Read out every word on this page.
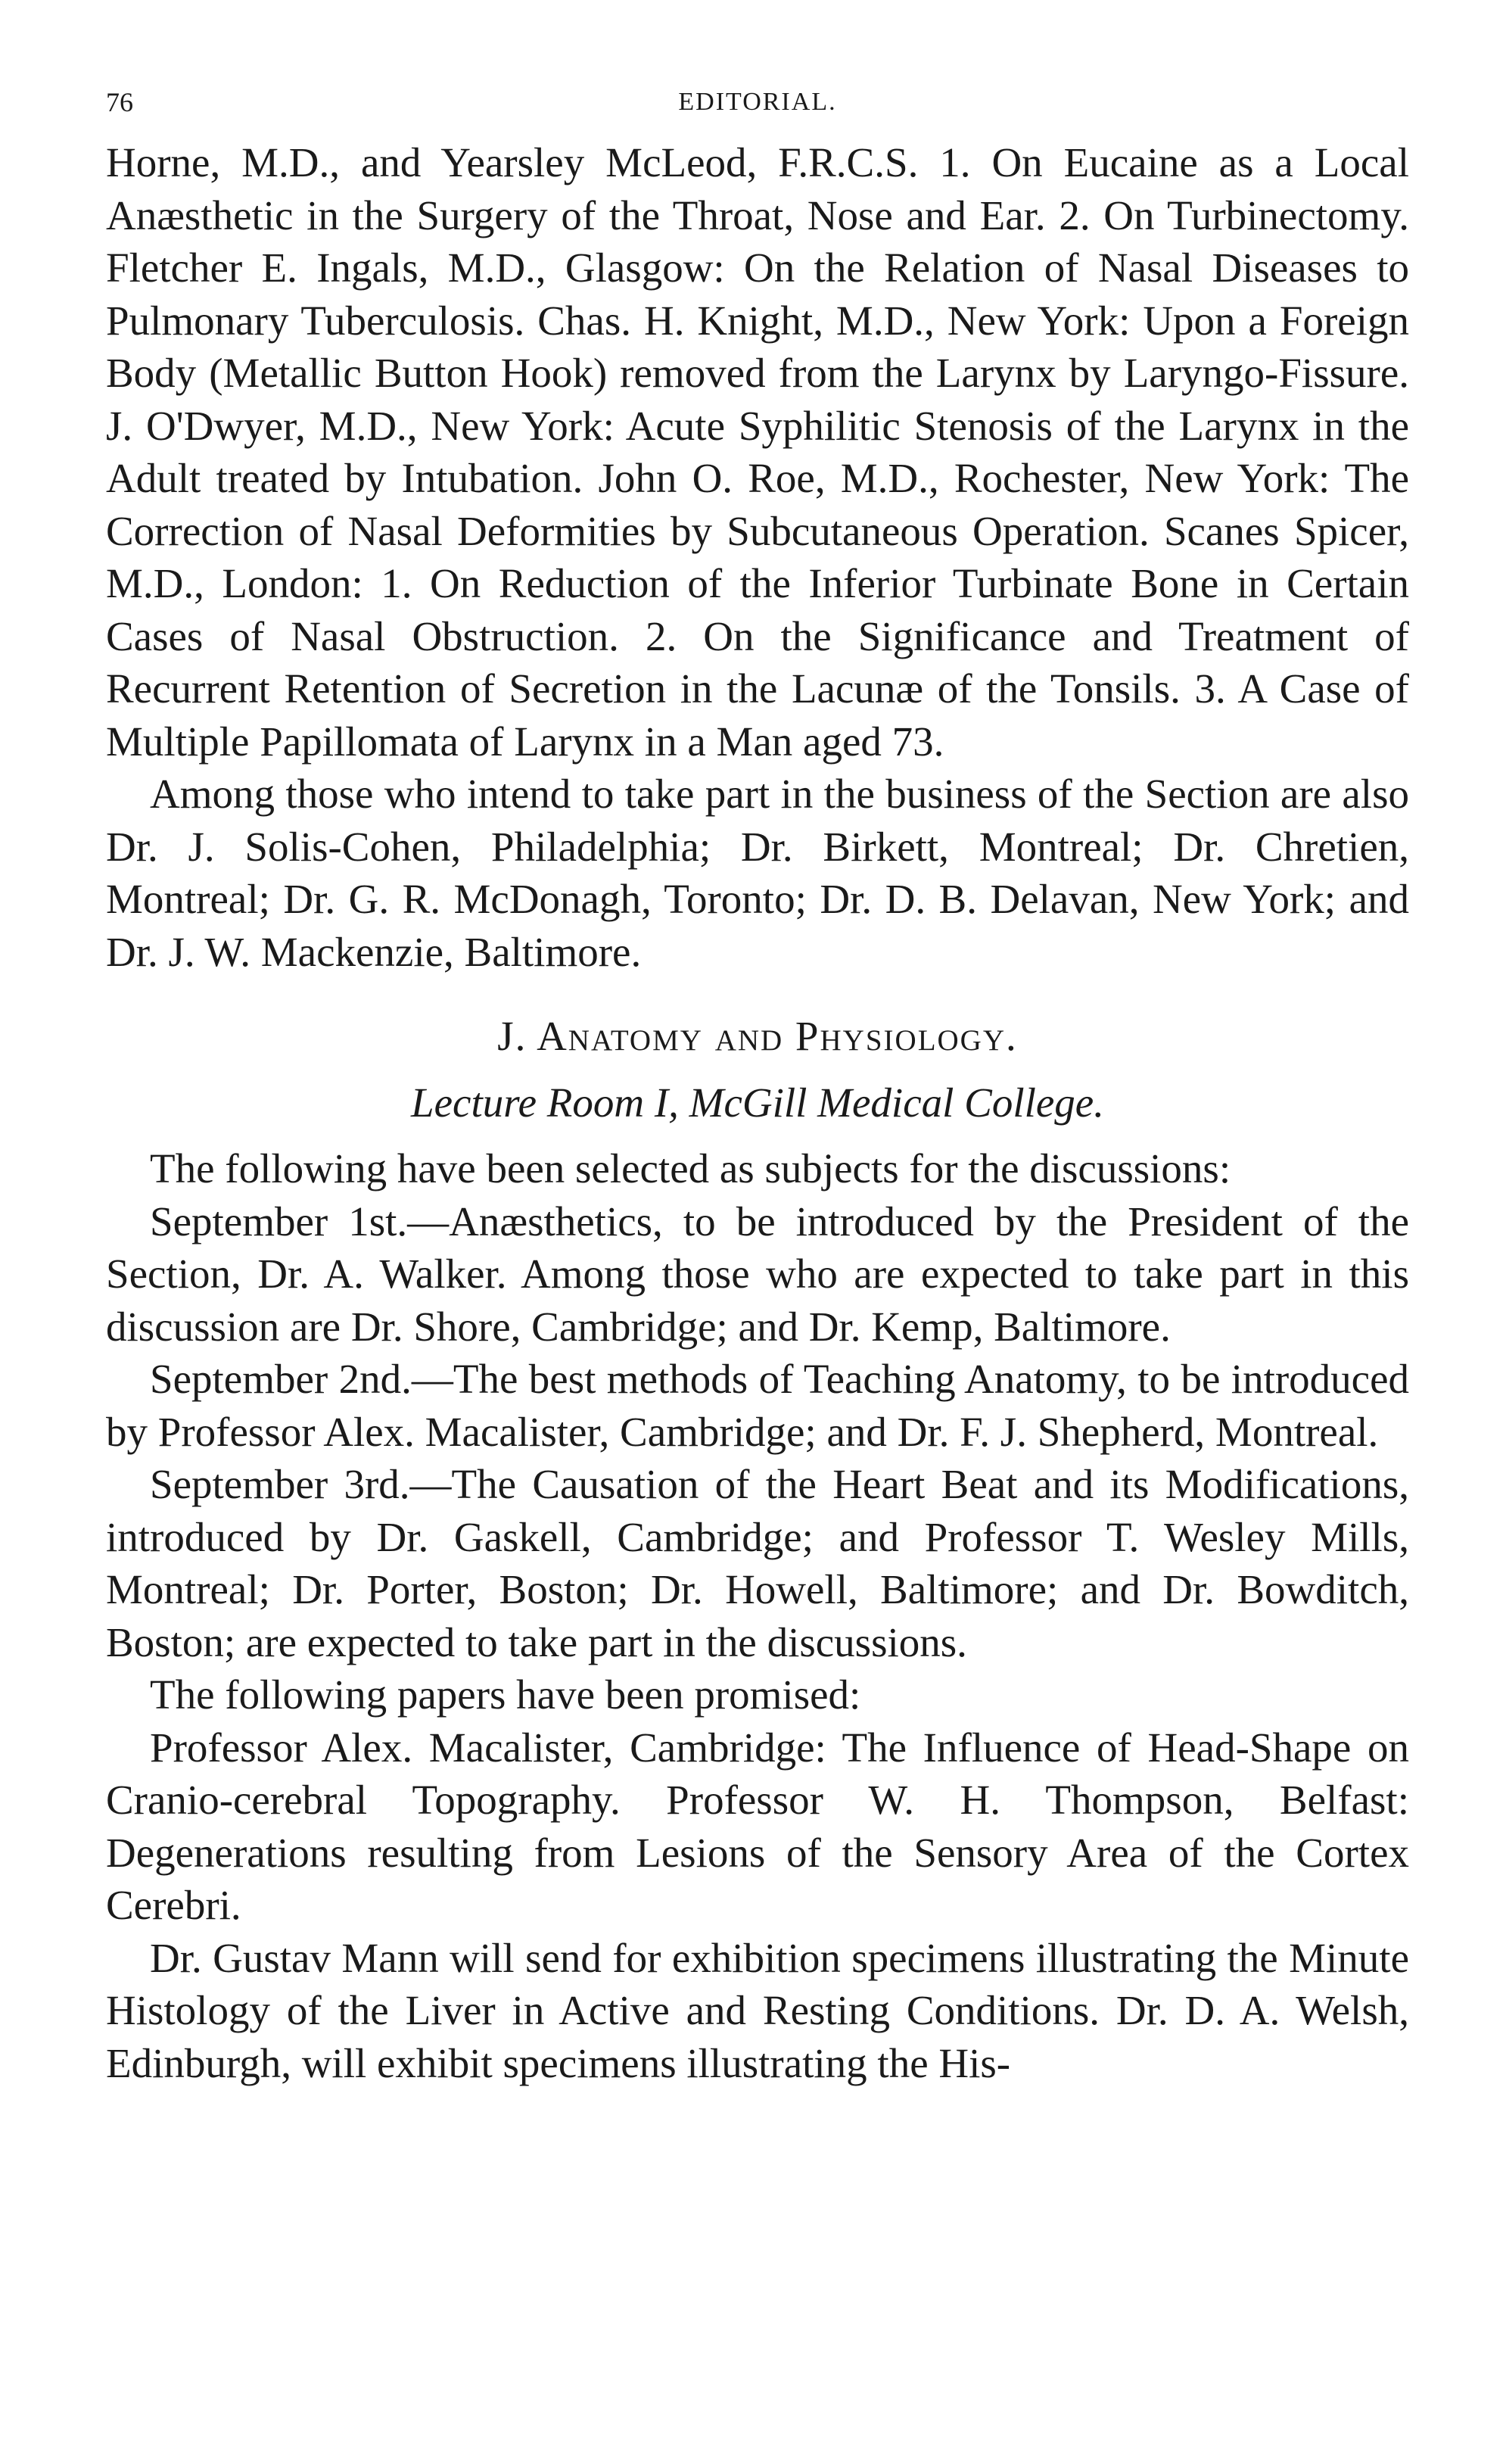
76	EDITORIAL.

Horne, M.D., and Yearsley McLeod, F.R.C.S. 1. On Eucaine as a Local Anæsthetic in the Surgery of the Throat, Nose and Ear. 2. On Turbinectomy. Fletcher E. Ingals, M.D., Glasgow: On the Relation of Nasal Diseases to Pulmonary Tuberculosis. Chas. H. Knight, M.D., New York: Upon a Foreign Body (Metallic Button Hook) removed from the Larynx by Laryngo-Fissure. J. O'Dwyer, M.D., New York: Acute Syphilitic Stenosis of the Larynx in the Adult treated by Intubation. John O. Roe, M.D., Rochester, New York: The Correction of Nasal Deformities by Subcutaneous Operation. Scanes Spicer, M.D., London: 1. On Reduction of the Inferior Turbinate Bone in Certain Cases of Nasal Obstruction. 2. On the Significance and Treatment of Recurrent Retention of Secretion in the Lacunæ of the Tonsils. 3. A Case of Multiple Papillomata of Larynx in a Man aged 73.

Among those who intend to take part in the business of the Section are also Dr. J. Solis-Cohen, Philadelphia; Dr. Birkett, Montreal; Dr. Chretien, Montreal; Dr. G. R. McDonagh, Toronto; Dr. D. B. Delavan, New York; and Dr. J. W. Mackenzie, Baltimore.

J. Anatomy and Physiology.

Lecture Room I, McGill Medical College.

The following have been selected as subjects for the discussions:

September 1st.—Anæsthetics, to be introduced by the President of the Section, Dr. A. Walker. Among those who are expected to take part in this discussion are Dr. Shore, Cambridge; and Dr. Kemp, Baltimore.

September 2nd.—The best methods of Teaching Anatomy, to be introduced by Professor Alex. Macalister, Cambridge; and Dr. F. J. Shepherd, Montreal.

September 3rd.—The Causation of the Heart Beat and its Modifications, introduced by Dr. Gaskell, Cambridge; and Professor T. Wesley Mills, Montreal; Dr. Porter, Boston; Dr. Howell, Baltimore; and Dr. Bowditch, Boston; are expected to take part in the discussions.

The following papers have been promised:

Professor Alex. Macalister, Cambridge: The Influence of Head-Shape on Cranio-cerebral Topography. Professor W. H. Thompson, Belfast: Degenerations resulting from Lesions of the Sensory Area of the Cortex Cerebri.

Dr. Gustav Mann will send for exhibition specimens illustrating the Minute Histology of the Liver in Active and Resting Conditions. Dr. D. A. Welsh, Edinburgh, will exhibit specimens illustrating the His-
